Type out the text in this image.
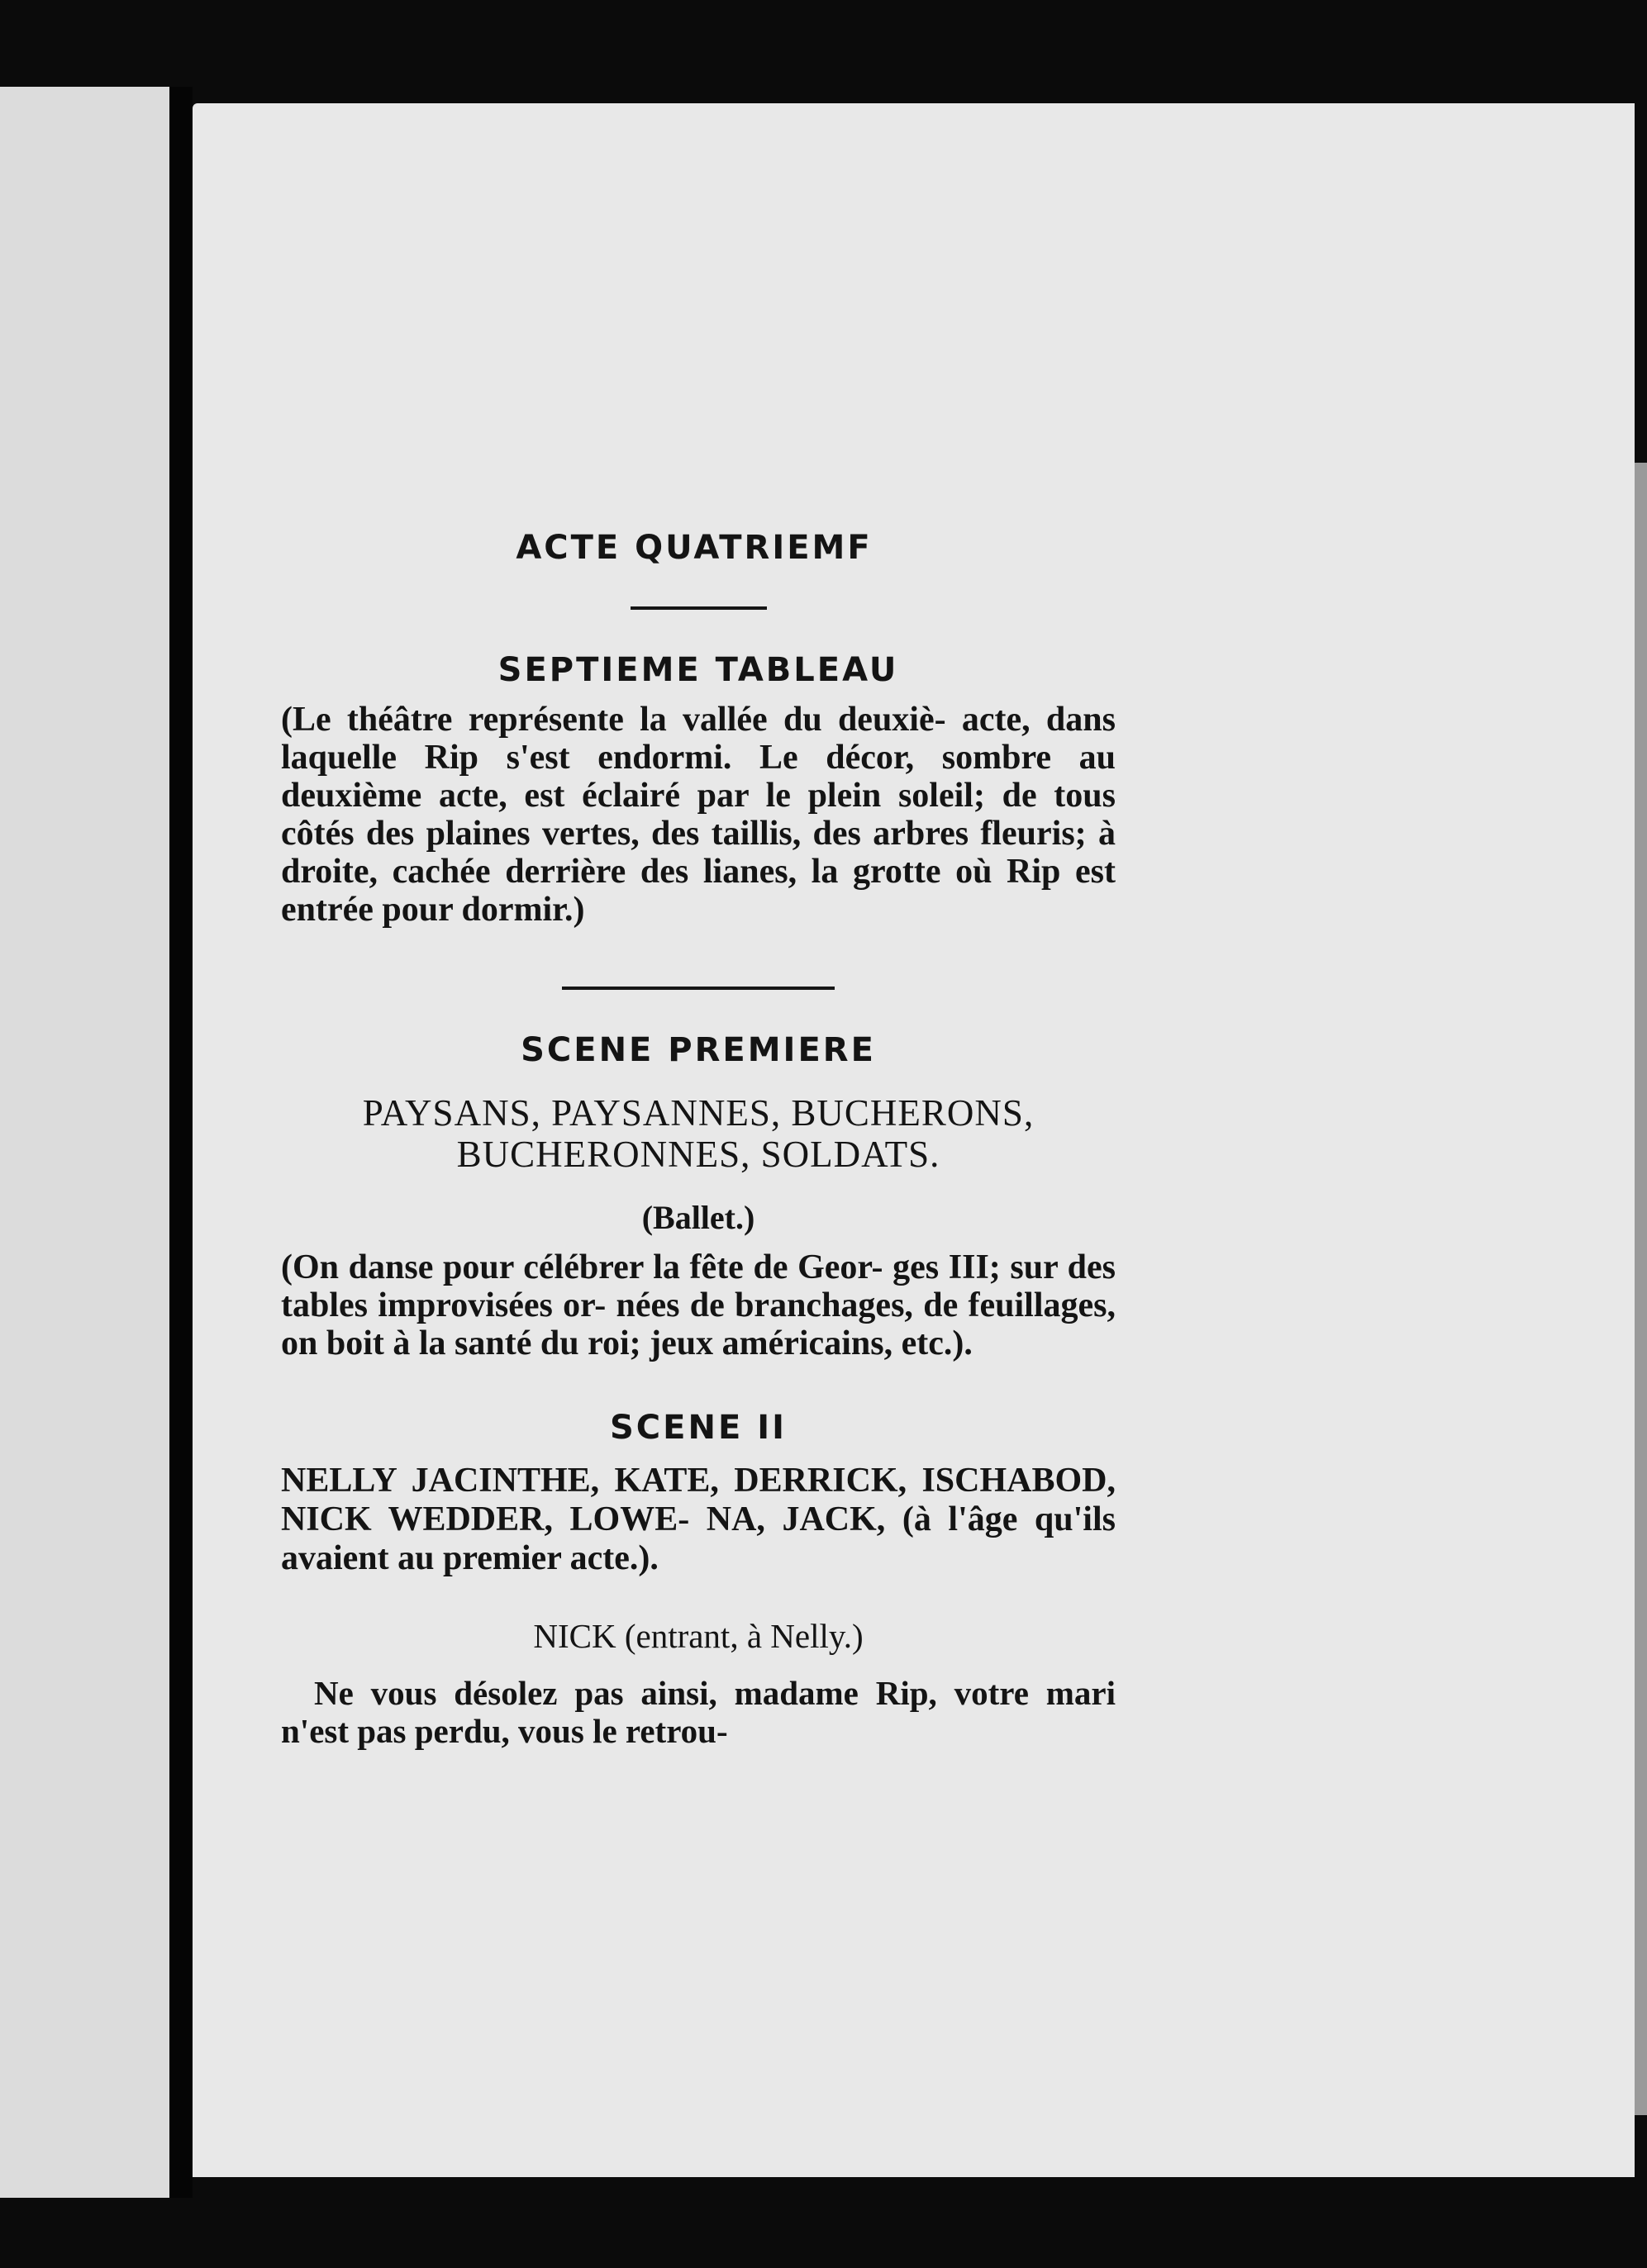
ACTE QUATRIEMF
SEPTIEME TABLEAU
(Le théâtre représente la vallée du deuxiè- acte, dans laquelle Rip s'est endormi. Le décor, sombre au deuxième acte, est éclairé par le plein soleil; de tous côtés des plaines vertes, des taillis, des arbres fleuris; à droite, cachée derrière des lianes, la grotte où Rip est entrée pour dormir.)
SCENE PREMIERE
PAYSANS, PAYSANNES, BUCHERONS,
BUCHERONNES, SOLDATS.
(Ballet.)
(On danse pour célébrer la fête de Geor- ges III; sur des tables improvisées or- nées de branchages, de feuillages, on boit à la santé du roi; jeux américains, etc.).
SCENE II
NELLY JACINTHE, KATE, DERRICK, ISCHABOD, NICK WEDDER, LOWE- NA, JACK, (à l'âge qu'ils avaient au premier acte.).
NICK (entrant, à Nelly.)
Ne vous désolez pas ainsi, madame Rip, votre mari n'est pas perdu, vous le retrou-
